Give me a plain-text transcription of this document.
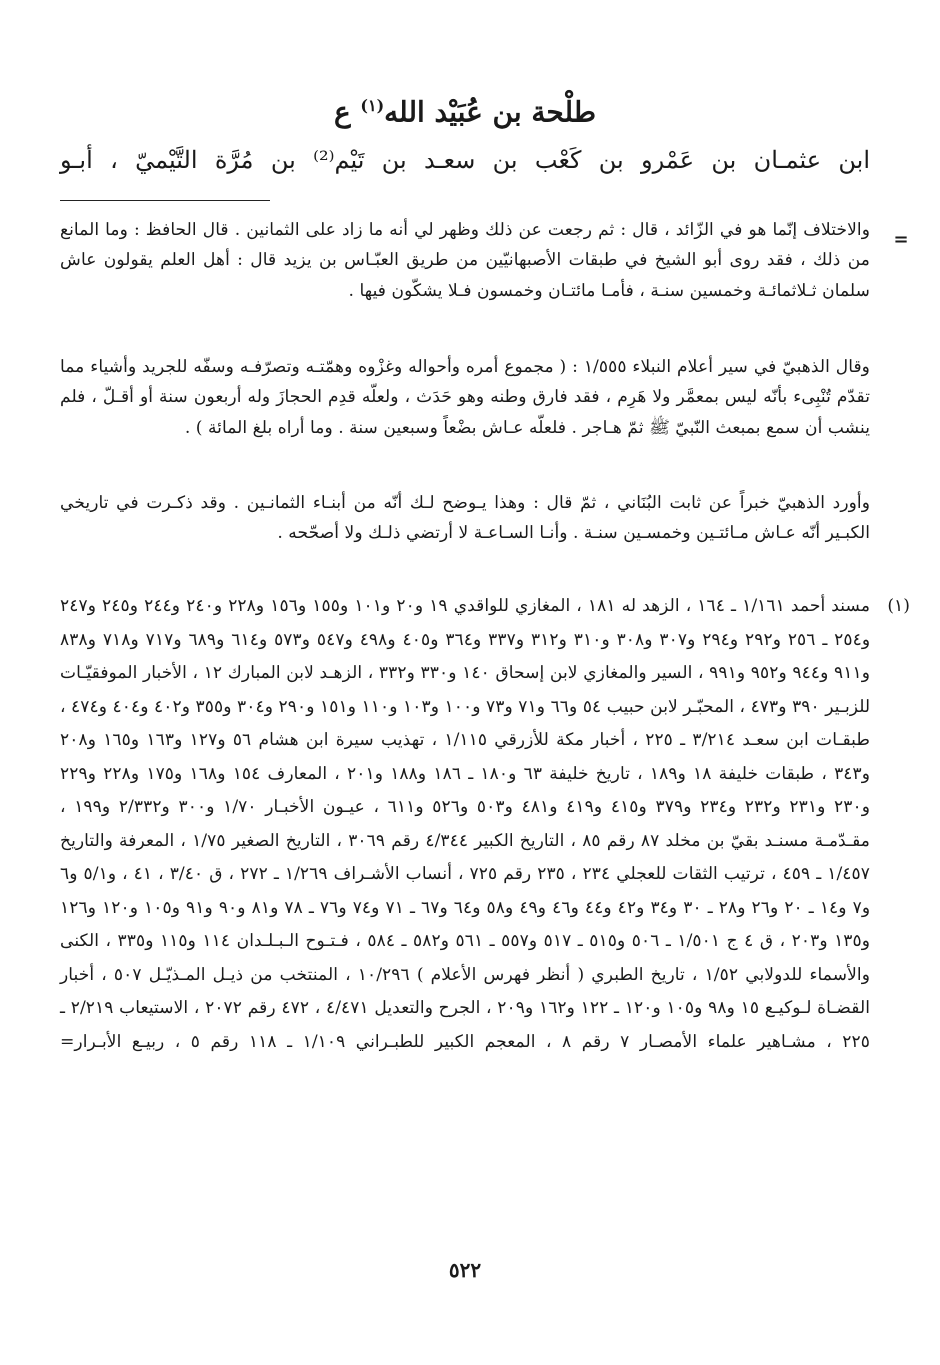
طلْحة بن عُبَيْد الله$^{(١)}$ ع
ابن عثمـان بن عَمْرو بن كَعْب بن سعـد بن تَيْم⁽²⁾ بن مُرَّة التَّيْميّ ، أبـو
=

والاختلاف إنّما هو في الزّائد ، قال : ثم رجعت عن ذلك وظهر لي أنه ما زاد على الثمانين . قال الحافظ : وما المانع من ذلك ، فقد روى أبو الشيخ في طبقات الأصبهانيّين من طريق العبّـاس بن يزيد قال : أهل العلم يقولون عاش سلمان ثـلاثمائـة وخمسين سنـة ، فأمـا مائتـان وخمسون فـلا يشكّون فيها .

وقال الذهبيّ في سير أعلام النبلاء ١/٥٥٥ : ( مجموع أمره وأحواله وغزْوه وهمّتـه وتصرّفـه وسفّه للجريد وأشياء مما تقدّم تُنْبِىء بأنّه ليس بمعمَّر ولا هَرِم ، فقد فارق وطنه وهو حَدَث ، ولعلّه قدِم الحجازَ وله أربعون سنة أو أقـلّ ، فلم ينشب أن سمع بمبعث النّبيّ ﷺ ثمّ هـاجر . فلعلّه عـاش بضْعاً وسبعين سنة . وما أراه بلغ المائة ) .

وأورد الذهبيّ خبراً عن ثابت البُنَاني ، ثمّ قال : وهذا يـوضح لـك أنّه من أبنـاء الثمانـين . وقد ذكـرت في تاريخي الكبـير أنّه عـاش مـائتـين وخمسـين سنـة . وأنـا السـاعـة لا أرتضي ذلـك ولا أصحّحه .

(١)

مسند أحمد ١/١٦١ ـ ١٦٤ ، الزهد له ١٨١ ، المغازي للواقدي ١٩ و٢٠ و١٠١ و١٥٥ و١٥٦ و٢٢٨ و٢٤٠ و٢٤٤ و٢٤٥ و٢٤٧ و٢٥٤ ـ ٢٥٦ و٢٩٢ و٢٩٤ و٣٠٧ و٣٠٨ و٣١٠ و٣١٢ و٣٣٧ و٣٦٤ و٤٠٥ و٤٩٨ و٥٤٧ و٥٧٣ و٦١٤ و٦٨٩ و٧١٧ و٧١٨ و٨٣٨ و٩١١ و٩٤٤ و٩٥٢ و٩٩١ ، السير والمغازي لابن إسحاق ١٤٠ و٣٣٠ و٣٣٢ ، الزهـد لابن المبارك ١٢ ، الأخبار الموفقيّـات للزبـير ٣٩٠ و٤٧٣ ، المحبّـر لابن حبيب ٥٤ و٦٦ و٧١ و٧٣ و١٠٠ و١٠٣ و١١٠ و١٥١ و٢٩٠ و٣٠٤ و٣٥٥ و٤٠٢ و٤٠٤ و٤٧٤ ، طبقـات ابن سعـد ٣/٢١٤ ـ ٢٢٥ ، أخبار مكة للأزرقي ١/١١٥ ، تهذيب سيرة ابن هشام ٥٦ و١٢٧ و١٦٣ و١٦٥ و٢٠٨ و٣٤٣ ، طبقات خليفة ١٨ و١٨٩ ، تاريخ خليفة ٦٣ و١٨٠ ـ ١٨٦ و١٨٨ و٢٠١ ، المعارف ١٥٤ و١٦٨ و١٧٥ و٢٢٨ و٢٢٩ و٢٣٠ و٢٣١ و٢٣٢ و٢٣٤ و٣٧٩ و٤١٥ و٤١٩ و٤٨١ و٥٠٣ و٥٢٦ و٦١١ ، عيـون الأخبـار ١/٧٠ و٣٠٠ و٢/٣٣٢ و١٩٩ ، مقـدّمـة مسنـد بقيّ بن مخلد ٨٧ رقم ٨٥ ، التاريخ الكبير ٤/٣٤٤ رقم ٣٠٦٩ ، التاريخ الصغير ١/٧٥ ، المعرفة والتاريخ ١/٤٥٧ ـ ٤٥٩ ، ترتيب الثقات للعجلي ٢٣٤ ، ٢٣٥ رقم ٧٢٥ ، أنساب الأشـراف ١/٢٦٩ ـ ٢٧٢ ، ق ٣/٤٠ ، ٤١ ، و٥/١ و٦ و٧ و١٤ ـ ٢٠ و٢٦ و٢٨ ـ ٣٠ و٣٤ و٤٢ و٤٤ و٤٦ و٤٩ و٥٨ و٦٤ و٦٧ ـ ٧١ و٧٤ و٧٦ ـ ٧٨ و٨١ و٩٠ و٩١ و١٠٥ و١٢٠ و١٢٦ و١٣٥ و٢٠٣ ، ق ٤ ج ١/٥٠١ ـ ٥٠٦ و٥١٥ ـ ٥١٧ و٥٥٧ ـ ٥٦١ و٥٨٢ ـ ٥٨٤ ، فـتـوح الـبـلـدان ١١٤ و١١٥ و٣٣٥ ، الكنى والأسماء للدولابي ١/٥٢ ، تاريخ الطبري ( أنظر فهرس الأعلام ) ١٠/٢٩٦ ، المنتخب من ذيـل المـذيّـل ٥٠٧ ، أخبار القضـاة لـوكيـع ١٥ و٩٨ و١٠٥ و١٢٠ ـ ١٢٢ و١٦٢ و٢٠٩ ، الجرح والتعديل ٤/٤٧١ ، ٤٧٢ رقم ٢٠٧٢ ، الاستيعاب ٢/٢١٩ ـ ٢٢٥ ، مشـاهير علماء الأمصـار ٧ رقم ٨ ، المعجم الكبير للطبـراني ١/١٠٩ ـ ١١٨ رقم ٥ ، ربيـع الأبـرار=

٥٢٢
